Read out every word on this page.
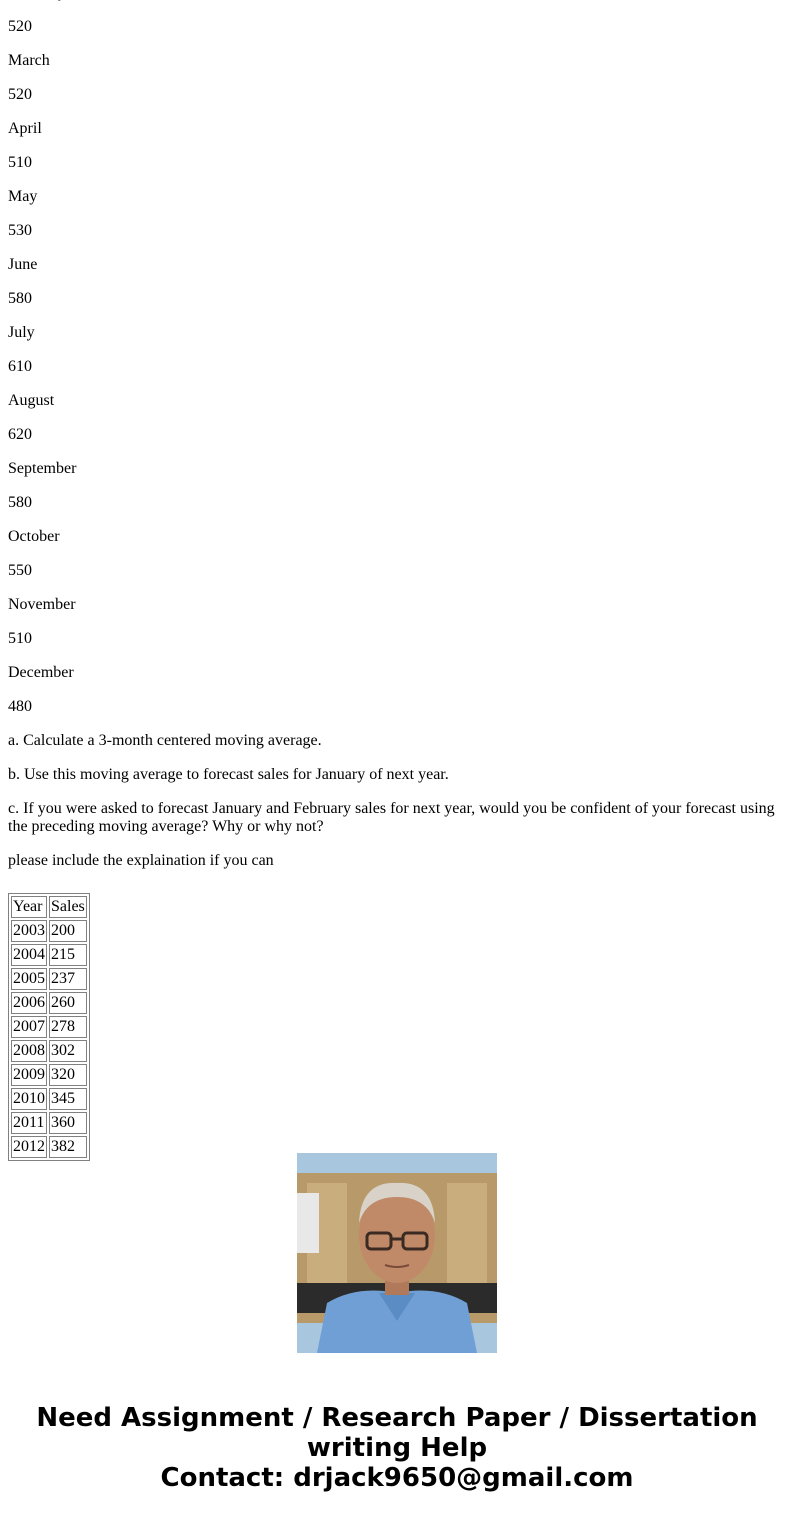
520

March

520

April

510

May

530

June

580

July

610

August

620

September

580

October

550

November

510

December

480

a. Calculate a 3-month centered moving average.

b. Use this moving average to forecast sales for January of next year.

c. If you were asked to forecast January and February sales for next year, would you be confident of your forecast using the preceding moving average? Why or why not?

please include the explaination if you can

Year	Sales
2003	200
2004	215
2005	237
2006	260
2007	278
2008	302
2009	320
2010	345
2011	360
2012	382
Need Assignment / Research Paper / Dissertation writing Help
Contact: drjack9650@gmail.com
